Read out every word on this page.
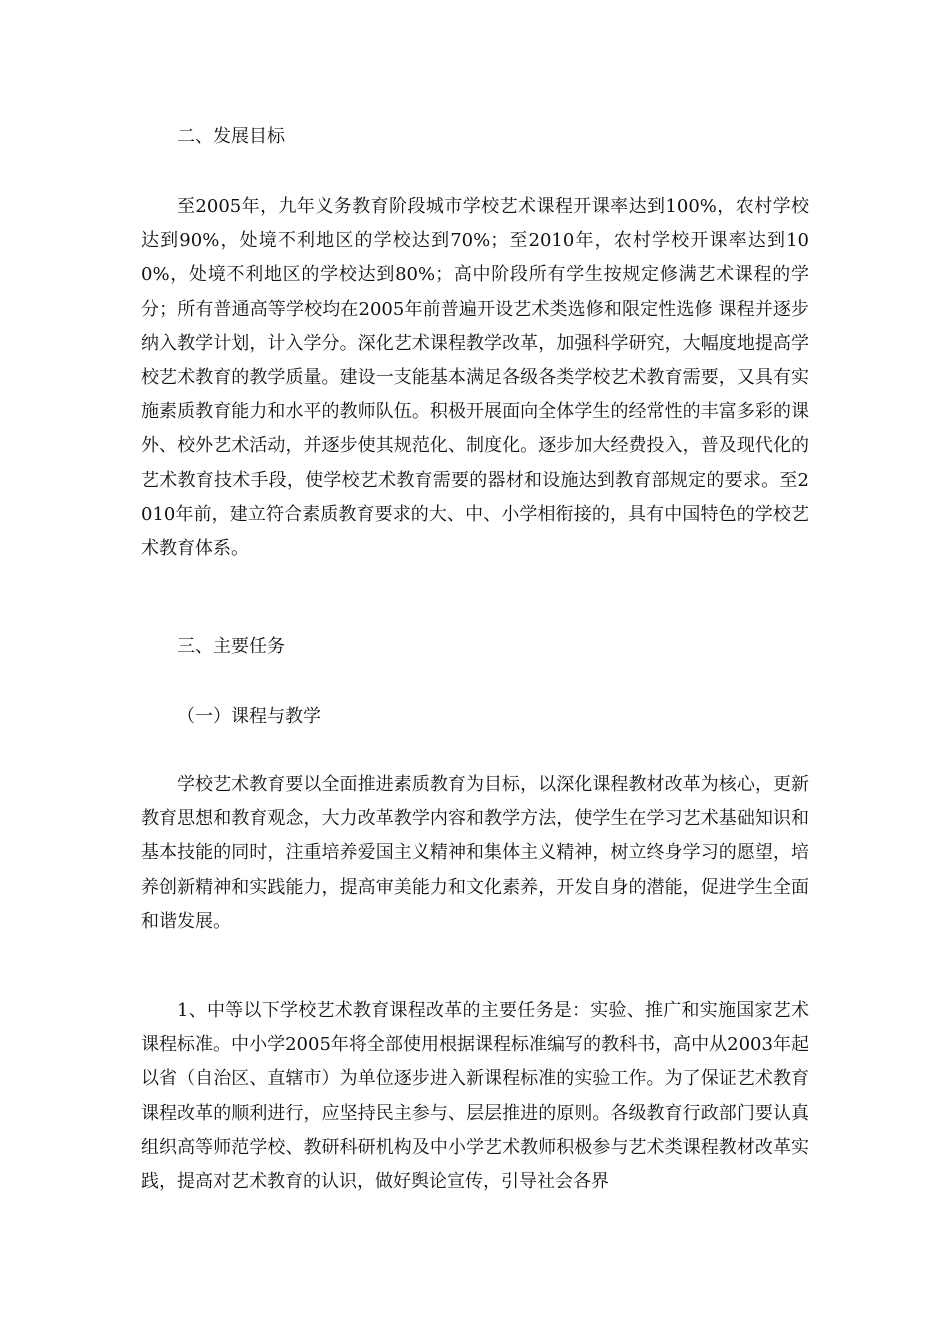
二、发展目标
至2005年，九年义务教育阶段城市学校艺术课程开课率达到100%，农村学校达到90%，处境不利地区的学校达到70%；至2010年，农村学校开课率达到100%，处境不利地区的学校达到80%；高中阶段所有学生按规定修满艺术课程的学分；所有普通高等学校均在2005年前普遍开设艺术类选修和限定性选修 课程并逐步纳入教学计划，计入学分。深化艺术课程教学改革，加强科学研究，大幅度地提高学校艺术教育的教学质量。建设一支能基本满足各级各类学校艺术教育需要，又具有实施素质教育能力和水平的教师队伍。积极开展面向全体学生的经常性的丰富多彩的课外、校外艺术活动，并逐步使其规范化、制度化。逐步加大经费投入，普及现代化的艺术教育技术手段，使学校艺术教育需要的器材和设施达到教育部规定的要求。至2010年前，建立符合素质教育要求的大、中、小学相衔接的，具有中国特色的学校艺术教育体系。
三、主要任务
（一）课程与教学
学校艺术教育要以全面推进素质教育为目标，以深化课程教材改革为核心，更新教育思想和教育观念，大力改革教学内容和教学方法，使学生在学习艺术基础知识和基本技能的同时，注重培养爱国主义精神和集体主义精神，树立终身学习的愿望，培养创新精神和实践能力，提高审美能力和文化素养，开发自身的潜能，促进学生全面和谐发展。
1、中等以下学校艺术教育课程改革的主要任务是：实验、推广和实施国家艺术课程标准。中小学2005年将全部使用根据课程标准编写的教科书，高中从2003年起以省（自治区、直辖市）为单位逐步进入新课程标准的实验工作。为了保证艺术教育课程改革的顺利进行，应坚持民主参与、层层推进的原则。各级教育行政部门要认真组织高等师范学校、教研科研机构及中小学艺术教师积极参与艺术类课程教材改革实践，提高对艺术教育的认识，做好舆论宣传，引导社会各界
